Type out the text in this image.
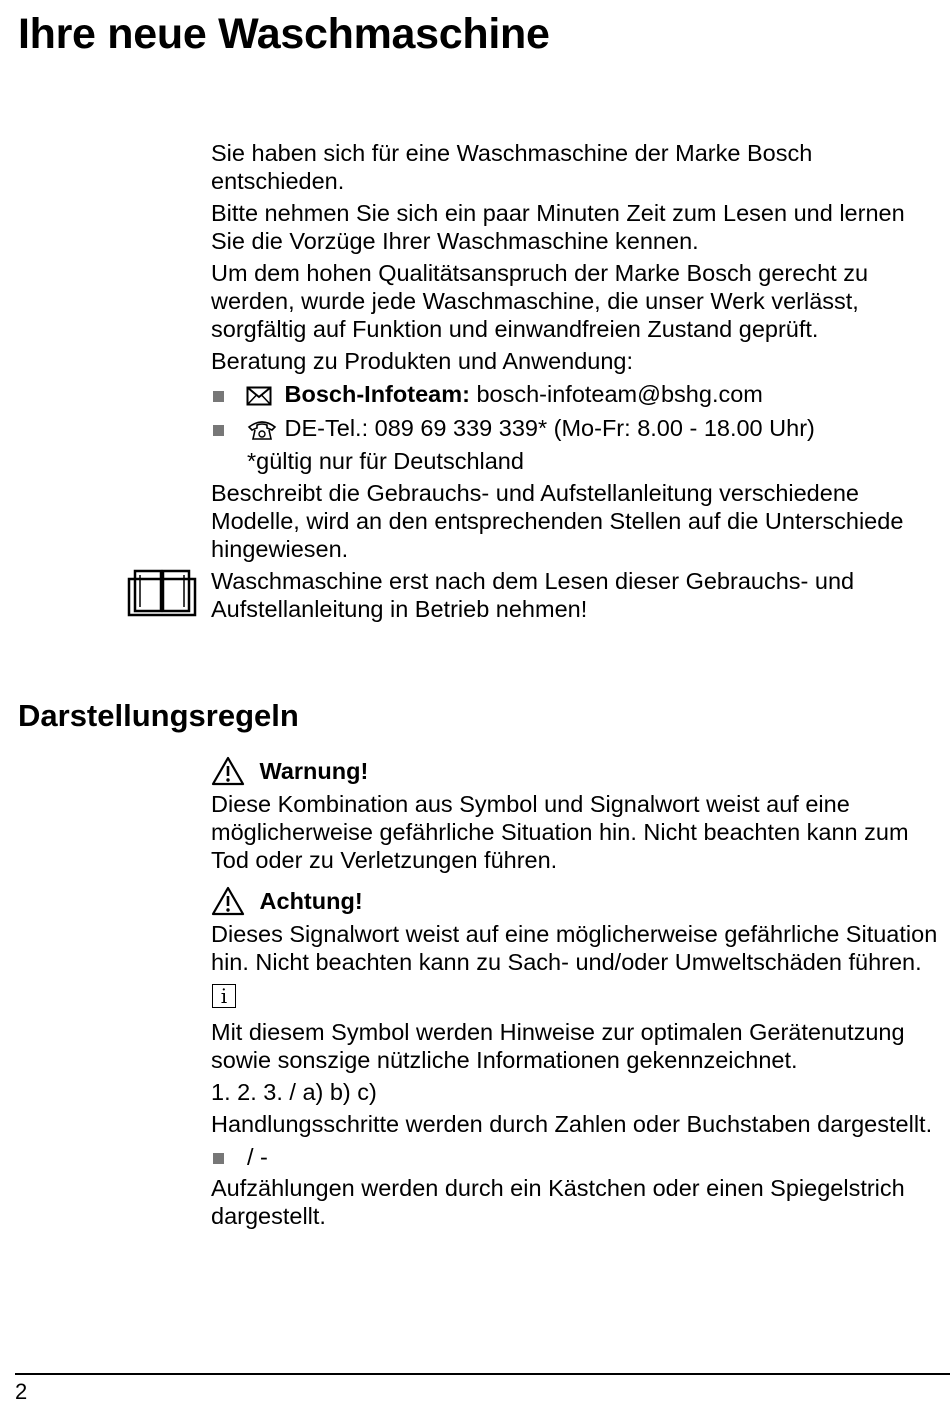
Ihre neue Waschmaschine

Sie haben sich für eine Waschmaschine der Marke Bosch entschieden.

Bitte nehmen Sie sich ein paar Minuten Zeit zum Lesen und lernen Sie die Vorzüge Ihrer Waschmaschine kennen.

Um dem hohen Qualitätsanspruch der Marke Bosch gerecht zu werden, wurde jede Waschmaschine, die unser Werk verlässt, sorgfältig auf Funktion und einwandfreien Zustand geprüft.

Beratung zu Produkten und Anwendung:

Bosch-Infoteam: bosch-infoteam@bshg.com
DE-Tel.: 089 69 339 339* (Mo-Fr: 8.00 - 18.00 Uhr)

*gültig nur für Deutschland

Beschreibt die Gebrauchs- und Aufstellanleitung verschiedene Modelle, wird an den entsprechenden Stellen auf die Unterschiede hingewiesen.

Waschmaschine erst nach dem Lesen dieser Gebrauchs- und Aufstellanleitung in Betrieb nehmen!

Darstellungsregeln
Warnung!

Diese Kombination aus Symbol und Signalwort weist auf eine möglicherweise gefährliche Situation hin. Nicht beachten kann zum Tod oder zu Verletzungen führen.

Achtung!

Dieses Signalwort weist auf eine möglicherweise gefährliche Situation hin. Nicht beachten kann zu Sach- und/oder Umweltschäden führen.

i

Mit diesem Symbol werden Hinweise zur optimalen Gerätenutzung sowie sonszige nützliche Informationen gekennzeichnet.

1. 2. 3. / a) b) c)

Handlungsschritte werden durch Zahlen oder Buchstaben dargestellt.

/ -

Aufzählungen werden durch ein Kästchen oder einen Spiegelstrich dargestellt.

2
